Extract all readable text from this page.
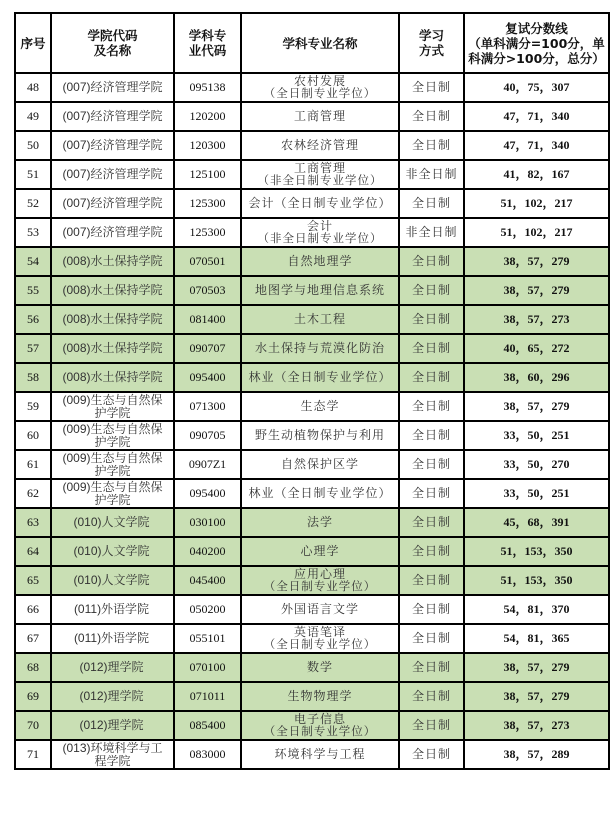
序号	学院代码
及名称	学科专
业代码	学科专业名称	学习
方式	复试分数线
（单科满分=100分，单
科满分>100分，总分）
48	(007)经济管理学院	095138	农村发展
（全日制专业学位）	全日制	40，75，307
49	(007)经济管理学院	120200	工商管理	全日制	47，71，340
50	(007)经济管理学院	120300	农林经济管理	全日制	47，71，340
51	(007)经济管理学院	125100	工商管理
（非全日制专业学位）	非全日制	41，82，167
52	(007)经济管理学院	125300	会计（全日制专业学位）	全日制	51，102，217
53	(007)经济管理学院	125300	会计
（非全日制专业学位）	非全日制	51，102，217
54	(008)水土保持学院	070501	自然地理学	全日制	38，57，279
55	(008)水土保持学院	070503	地图学与地理信息系统	全日制	38，57，279
56	(008)水土保持学院	081400	土木工程	全日制	38，57，273
57	(008)水土保持学院	090707	水土保持与荒漠化防治	全日制	40，65，272
58	(008)水土保持学院	095400	林业（全日制专业学位）	全日制	38，60，296
59	(009)生态与自然保
护学院	071300	生态学	全日制	38，57，279
60	(009)生态与自然保
护学院	090705	野生动植物保护与利用	全日制	33，50，251
61	(009)生态与自然保
护学院	0907Z1	自然保护区学	全日制	33，50，270
62	(009)生态与自然保
护学院	095400	林业（全日制专业学位）	全日制	33，50，251
63	(010)人文学院	030100	法学	全日制	45，68，391
64	(010)人文学院	040200	心理学	全日制	51，153，350
65	(010)人文学院	045400	应用心理
（全日制专业学位）	全日制	51，153，350
66	(011)外语学院	050200	外国语言文学	全日制	54，81，370
67	(011)外语学院	055101	英语笔译
（全日制专业学位）	全日制	54，81，365
68	(012)理学院	070100	数学	全日制	38，57，279
69	(012)理学院	071011	生物物理学	全日制	38，57，279
70	(012)理学院	085400	电子信息
（全日制专业学位）	全日制	38，57，273
71	(013)环境科学与工
程学院	083000	环境科学与工程	全日制	38，57，289
